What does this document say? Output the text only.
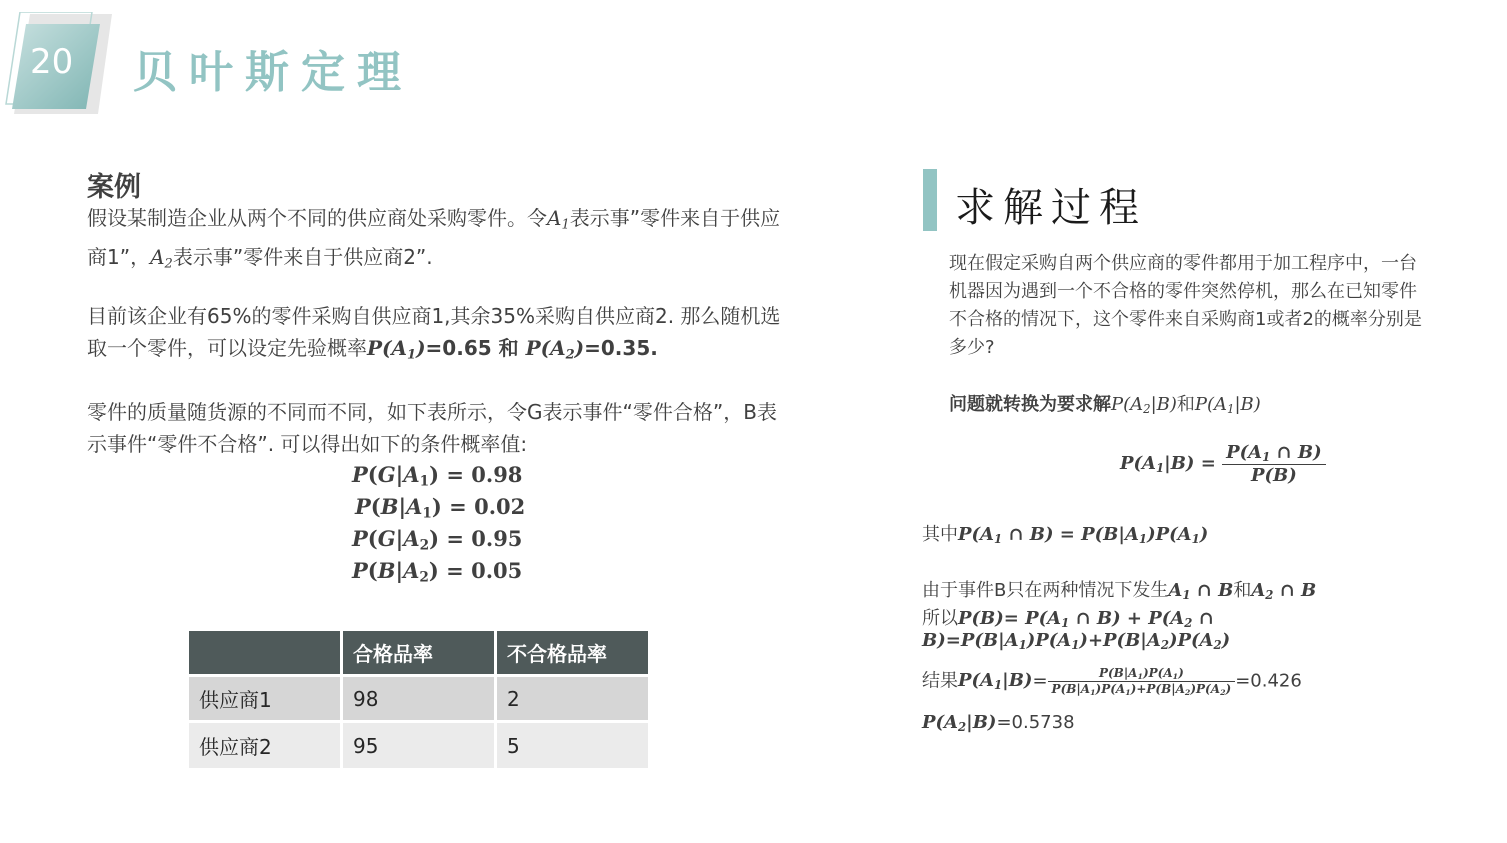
20 贝叶斯定理
案例
假设某制造企业从两个不同的供应商处采购零件。令$A_1$表示事”零件来自于供应商1”，$A_2$表示事”零件来自于供应商2”.
目前该企业有65%的零件采购自供应商1,其余35%采购自供应商2. 那么随机选取一个零件，可以设定先验概率$P(A_1)=0.65$ 和 $P(A_2)=0.35$.
零件的质量随货源的不同而不同，如下表所示，令G表示事件“零件合格”，B表示事件“零件不合格”. 可以得出如下的条件概率值:
$P(G|A_1) = 0.98$
$P(B|A_1) = 0.02$
$P(G|A_2) = 0.95$
$P(B|A_2) = 0.05$
	合格品率	不合格品率
供应商1	98	2
供应商2	95	5
求解过程
现在假定采购自两个供应商的零件都用于加工程序中，一台机器因为遇到一个不合格的零件突然停机，那么在已知零件不合格的情况下，这个零件来自采购商1或者2的概率分别是多少?
问题就转换为要求解$P(A_2|B)$和$P(A_1|B)$
$P(A_1|B) = \frac{P(A_1 \cap B)}{P(B)}$
其中$P(A_1$ ∩ $B) = P(B|A_1)P(A_1)$
由于事件B只在两种情况下发生$A_1$ ∩ B和$A_2$ ∩ B
所以$P(B)= P(A_1$ ∩ $B) + P(A_2$ ∩ $B)=P(B|A_1)P(A_1)+P(B|A_2)P(A_2)$
结果$P(A_1|B)= \frac{P(B|A_1)P(A_1)}{P(B|A_1)P(A_1)+P(B|A_2)P(A_2)} =0.426$
$P(A_2|B)=0.5738$
